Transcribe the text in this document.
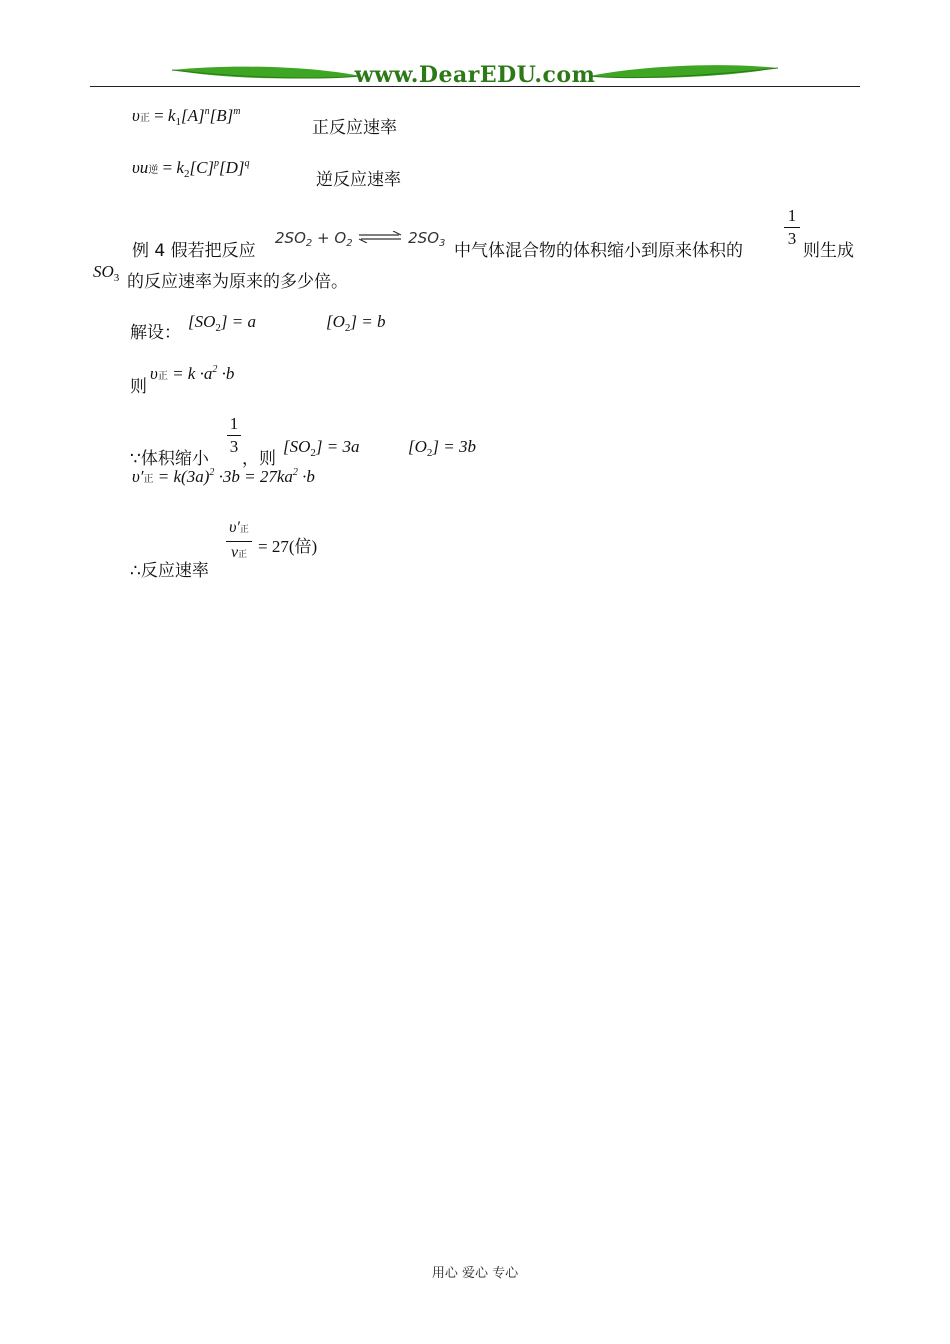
www.DearEDU.com
υ正 = $k_1[A]^n[B]^m$
正反应速率
υu逆 = $k_2[C]^p[D]^q$
逆反应速率
例 4 假若把反应
$2SO_2 + O_2$ ⇌ $2SO_3$ 中气体混合物的体积缩小到原来体积的
1
3
则生成
$SO_3$ 的反应速率为原来的多少倍。
解设：
$[SO_2] = a$	$[O_2] = b$
则
υ正 = $k \cdot a^2 \cdot b$
∵体积缩小
1
3
，则
$[SO_2] = 3a$	$[O_2] = 3b$
υ′正 = $k(3a)^2 \cdot 3b = 27ka^2 \cdot b$
∴反应速率
υ′正
v正 = 27(倍)
用心 爱心 专心
